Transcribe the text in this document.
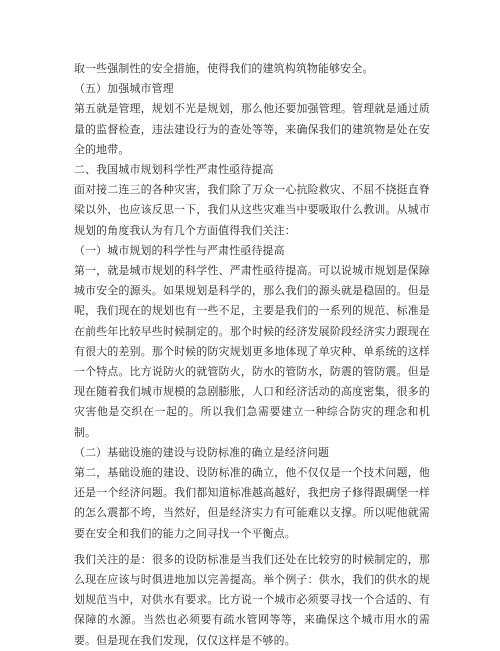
取一些强制性的安全措施，使得我们的建筑构筑物能够安全。

（五）加强城市管理

第五就是管理，规划不光是规划，那么他还要加强管理。管理就是通过质量的监督检查，违法建设行为的查处等等，来确保我们的建筑物是处在安全的地带。

二、我国城市规划科学性严肃性亟待提高

面对接二连三的各种灾害，我们除了万众一心抗险救灾、不屈不挠挺直脊梁以外，也应该反思一下，我们从这些灾难当中要吸取什么教训。从城市规划的角度我认为有几个方面值得我们关注：

（一）城市规划的科学性与严肃性亟待提高

第一，就是城市规划的科学性、严肃性亟待提高。可以说城市规划是保障城市安全的源头。如果规划是科学的，那么我们的源头就是稳固的。但是呢，我们现在的规划也有一些不足，主要是我们的一系列的规范、标准是在前些年比较早些时候制定的。那个时候的经济发展阶段经济实力跟现在有很大的差别。那个时候的防灾规划更多地体现了单灾种、单系统的这样一个特点。比方说防火的就管防火，防水的管防水，防震的管防震。但是现在随着我们城市规模的急剧膨胀，人口和经济活动的高度密集，很多的灾害他是交织在一起的。所以我们急需要建立一种综合防灾的理念和机制。

（二）基础设施的建设与设防标准的确立是经济问题

第二，基础设施的建设、设防标准的确立，他不仅仅是一个技术问题，他还是一个经济问题。我们都知道标准越高越好，我把房子修得跟碉堡一样的怎么震都不垮，当然好，但是经济实力有可能难以支撑。所以呢他就需要在安全和我们的能力之间寻找一个平衡点。

我们关注的是：很多的设防标准是当我们还处在比较穷的时候制定的，那么现在应该与时俱进地加以完善提高。举个例子：供水，我们的供水的规划规范当中，对供水有要求。比方说一个城市必须要寻找一个合适的、有保障的水源。当然也必须要有疏水管网等等，来确保这个城市用水的需要。但是现在我们发现，仅仅这样是不够的。
